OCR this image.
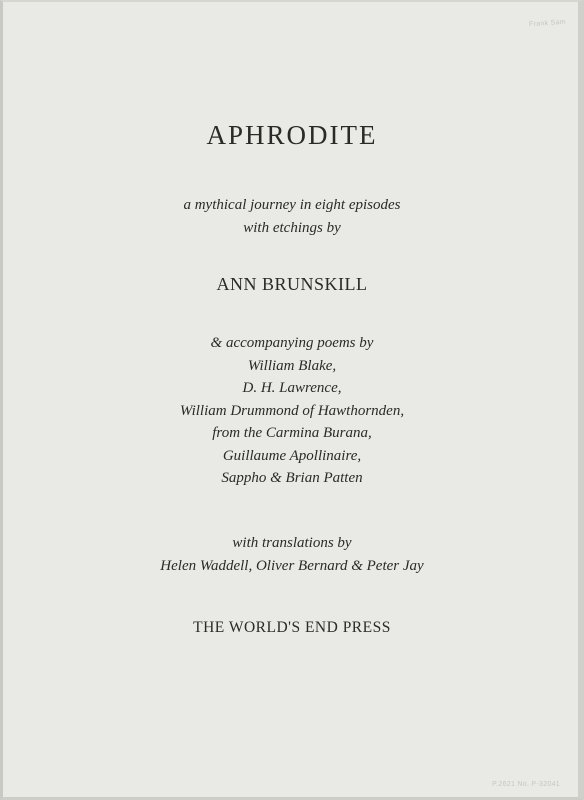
APHRODITE
a mythical journey in eight episodes
with etchings by
ANN BRUNSKILL
& accompanying poems by
William Blake,
D. H. Lawrence,
William Drummond of Hawthornden,
from the Carmina Burana,
Guillaume Apollinaire,
Sappho & Brian Patten
with translations by
Helen Waddell, Oliver Bernard & Peter Jay
THE WORLD'S END PRESS
Frank Sam
P.2621 No. P-32041
